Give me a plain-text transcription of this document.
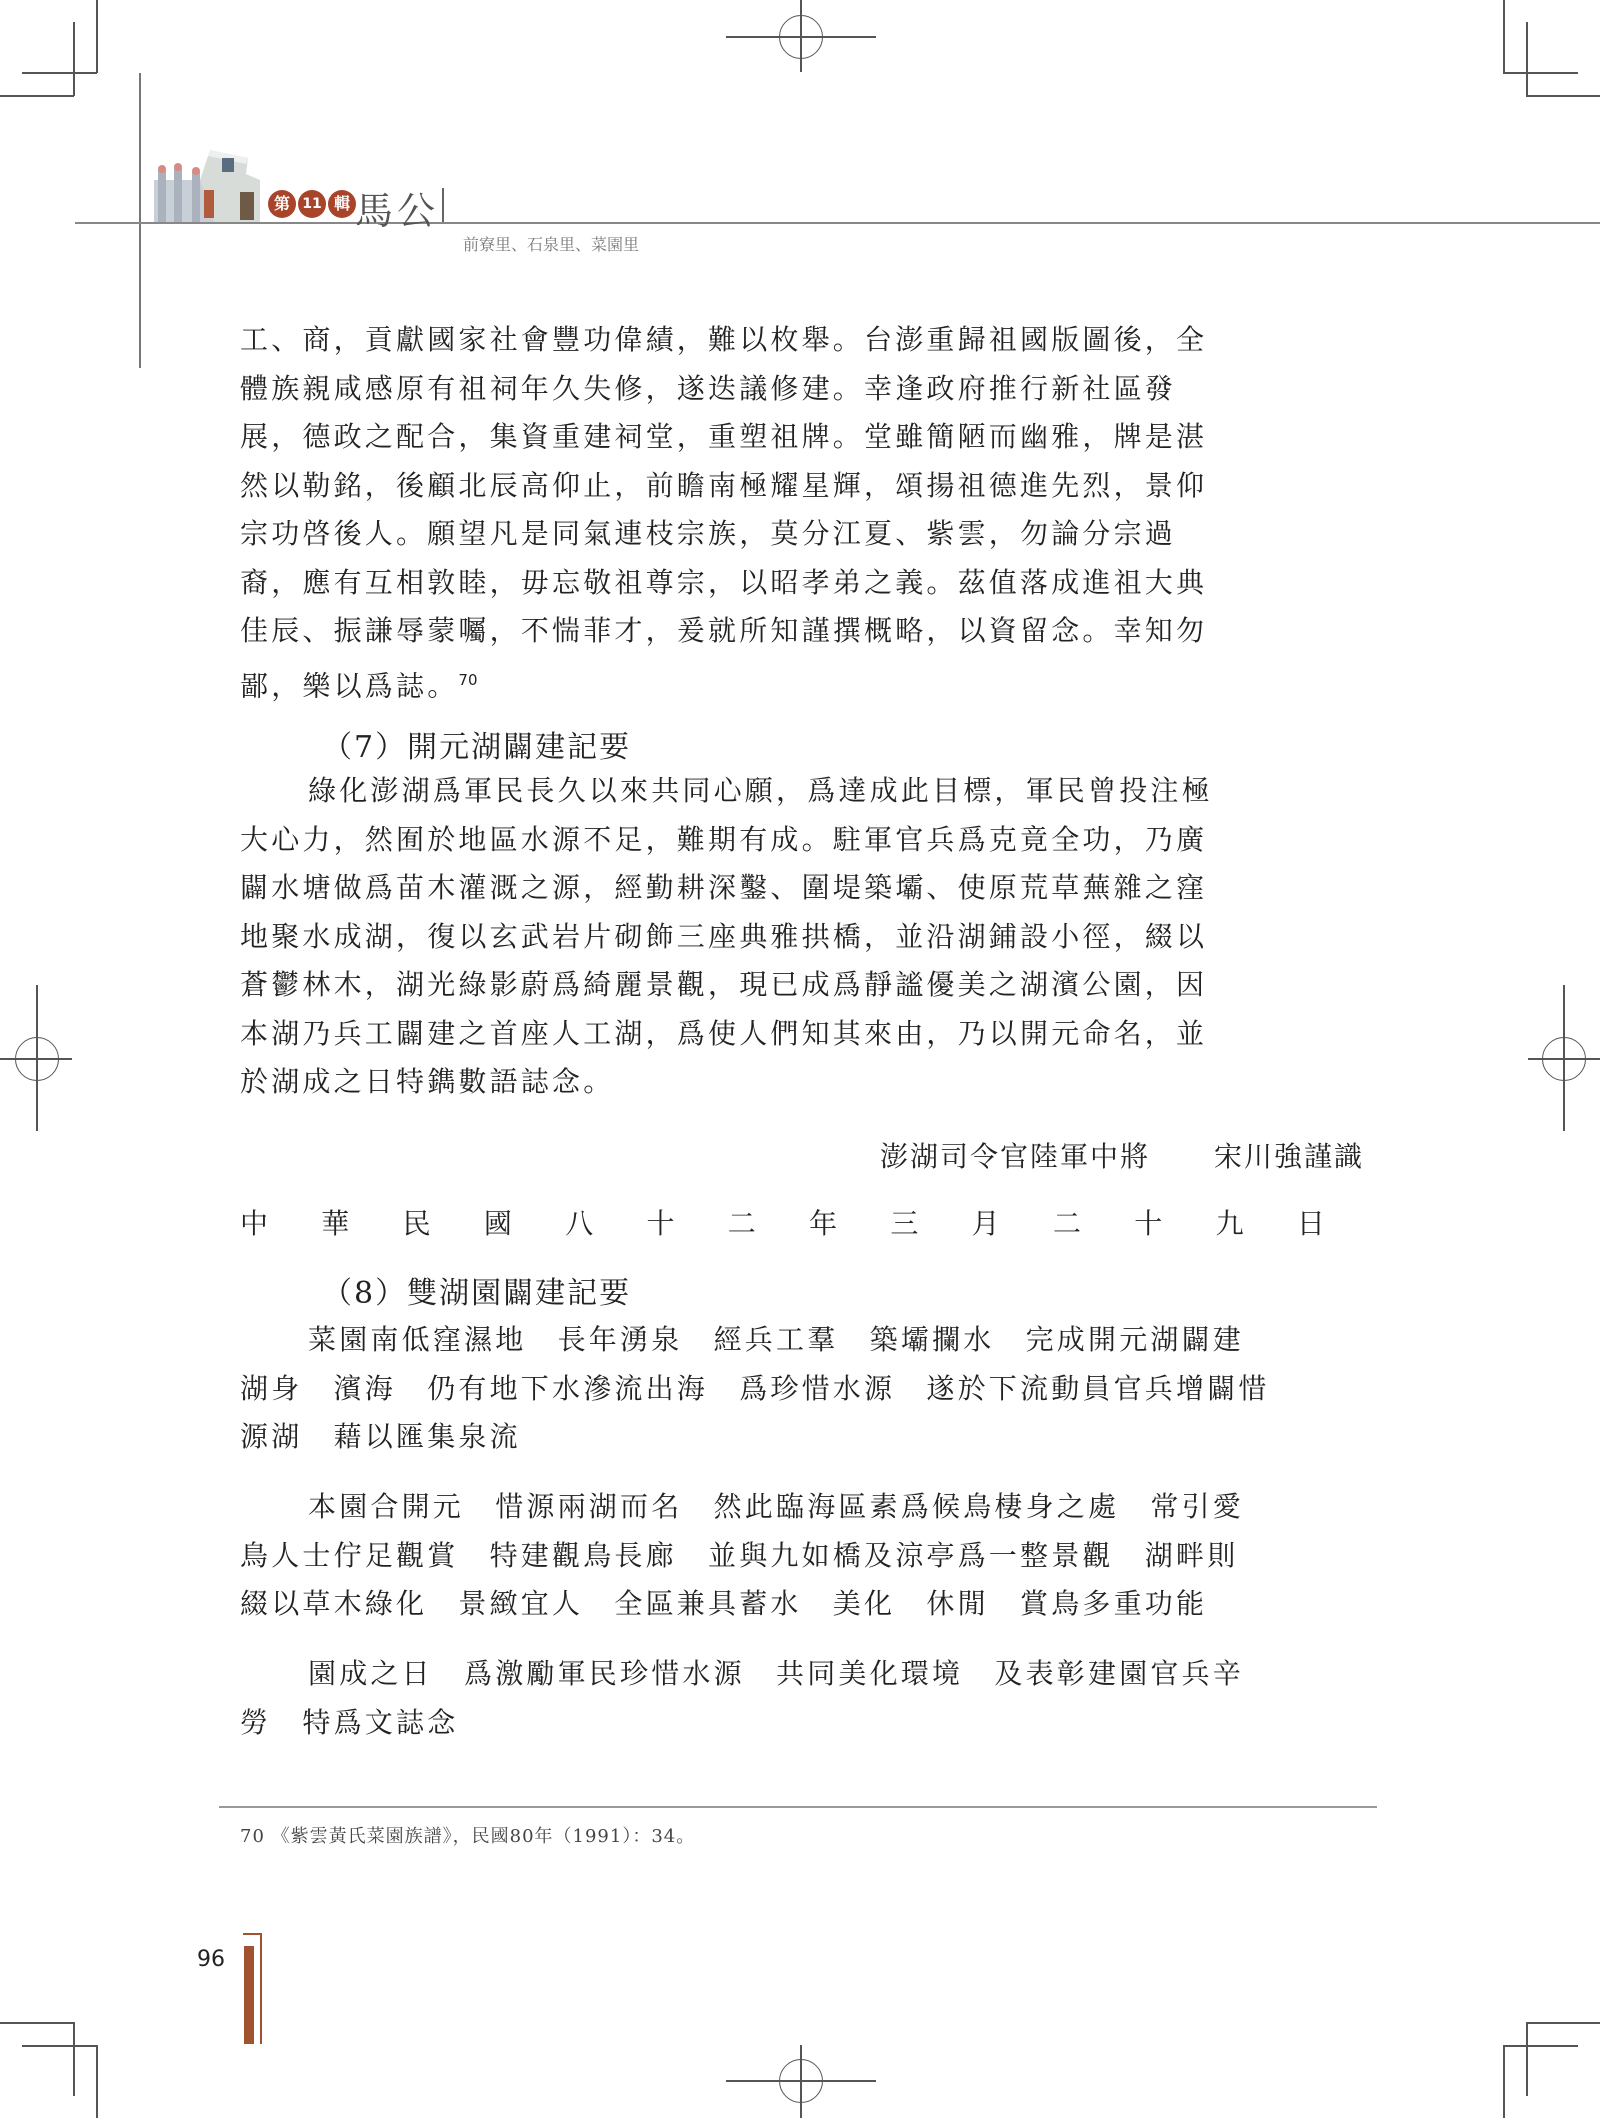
第 11 輯 馬公
前寮里、石泉里、菜園里

工、商，貢獻國家社會豐功偉績，難以枚舉。台澎重歸祖國版圖後，全

體族親咸感原有祖祠年久失修，遂迭議修建。幸逢政府推行新社區發

展，德政之配合，集資重建祠堂，重塑祖牌。堂雖簡陋而幽雅，牌是湛

然以勒銘，後顧北辰高仰止，前瞻南極耀星輝，頌揚祖德進先烈，景仰

宗功啓後人。願望凡是同氣連枝宗族，莫分江夏、紫雲，勿論分宗過

裔，應有互相敦睦，毋忘敬祖尊宗，以昭孝弟之義。茲值落成進祖大典

佳辰、振謙辱蒙囑，不惴菲才，爰就所知謹撰概略，以資留念。幸知勿

鄙，樂以爲誌。$^{70}$

（7）開元湖闢建記要

綠化澎湖爲軍民長久以來共同心願，爲達成此目標，軍民曾投注極

大心力，然囿於地區水源不足，難期有成。駐軍官兵爲克竟全功，乃廣

闢水塘做爲苗木灌溉之源，經勤耕深鑿、圍堤築壩、使原荒草蕪雜之窪

地聚水成湖，復以玄武岩片砌飾三座典雅拱橋，並沿湖鋪設小徑，綴以

蒼鬱林木，湖光綠影蔚爲綺麗景觀，現已成爲靜謐優美之湖濱公園，因

本湖乃兵工闢建之首座人工湖，爲使人們知其來由，乃以開元命名，並

於湖成之日特鐫數語誌念。

澎湖司令官陸軍中將 宋川強謹識
中 華 民 國 八 十 二 年 三 月 二 十 九 日
（8）雙湖園闢建記要

菜園南低窪濕地　長年湧泉　經兵工羣　築壩攔水　完成開元湖闢建

湖身　濱海　仍有地下水滲流出海　爲珍惜水源　遂於下流動員官兵增闢惜

源湖　藉以匯集泉流

本園合開元　惜源兩湖而名　然此臨海區素爲候鳥棲身之處　常引愛

鳥人士佇足觀賞　特建觀鳥長廊　並與九如橋及涼亭爲一整景觀　湖畔則

綴以草木綠化　景緻宜人　全區兼具蓄水　美化　休閒　賞鳥多重功能

園成之日　爲激勵軍民珍惜水源　共同美化環境　及表彰建園官兵辛

勞　特爲文誌念

70 《紫雲黃氏菜園族譜》，民國80年（1991）：34。
96
